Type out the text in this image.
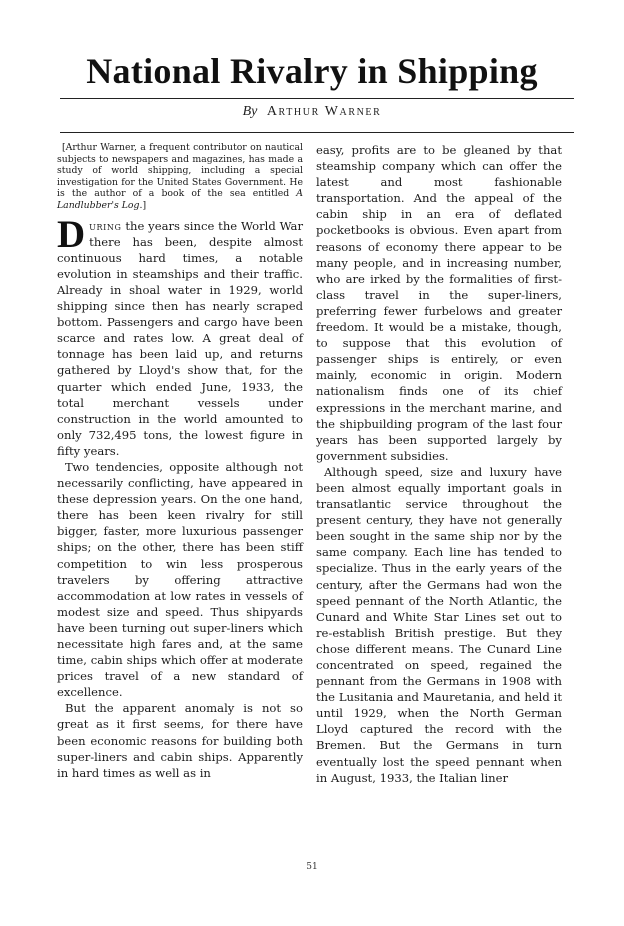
National Rivalry in Shipping
By Arthur Warner

[Arthur Warner, a frequent contributor on nautical subjects to newspapers and magazines, has made a study of world shipping, including a special investigation for the United States Government. He is the author of a book of the sea entitled A Landlubber's Log.]

During the years since the World War there has been, despite almost continuous hard times, a notable evolution in steamships and their traffic. Already in shoal water in 1929, world shipping since then has nearly scraped bottom. Passengers and cargo have been scarce and rates low. A great deal of tonnage has been laid up, and returns gathered by Lloyd's show that, for the quarter which ended June, 1933, the total merchant vessels under construction in the world amounted to only 732,495 tons, the lowest figure in fifty years.

Two tendencies, opposite although not necessarily conflicting, have appeared in these depression years. On the one hand, there has been keen rivalry for still bigger, faster, more luxurious passenger ships; on the other, there has been stiff competition to win less prosperous travelers by offering attractive accommodation at low rates in vessels of modest size and speed. Thus shipyards have been turning out super-liners which necessitate high fares and, at the same time, cabin ships which offer at moderate prices travel of a new standard of excellence.

But the apparent anomaly is not so great as it first seems, for there have been economic reasons for building both super-liners and cabin ships. Apparently in hard times as well as in

easy, profits are to be gleaned by that steamship company which can offer the latest and most fashionable transportation. And the appeal of the cabin ship in an era of deflated pocketbooks is obvious. Even apart from reasons of economy there appear to be many people, and in increasing number, who are irked by the formalities of first-class travel in the super-liners, preferring fewer furbelows and greater freedom. It would be a mistake, though, to suppose that this evolution of passenger ships is entirely, or even mainly, economic in origin. Modern nationalism finds one of its chief expressions in the merchant marine, and the shipbuilding program of the last four years has been supported largely by government subsidies.

Although speed, size and luxury have been almost equally important goals in transatlantic service throughout the present century, they have not generally been sought in the same ship nor by the same company. Each line has tended to specialize. Thus in the early years of the century, after the Germans had won the speed pennant of the North Atlantic, the Cunard and White Star Lines set out to re-establish British prestige. But they chose different means. The Cunard Line concentrated on speed, regained the pennant from the Germans in 1908 with the Lusitania and Mauretania, and held it until 1929, when the North German Lloyd captured the record with the Bremen. But the Germans in turn eventually lost the speed pennant when in August, 1933, the Italian liner

51
